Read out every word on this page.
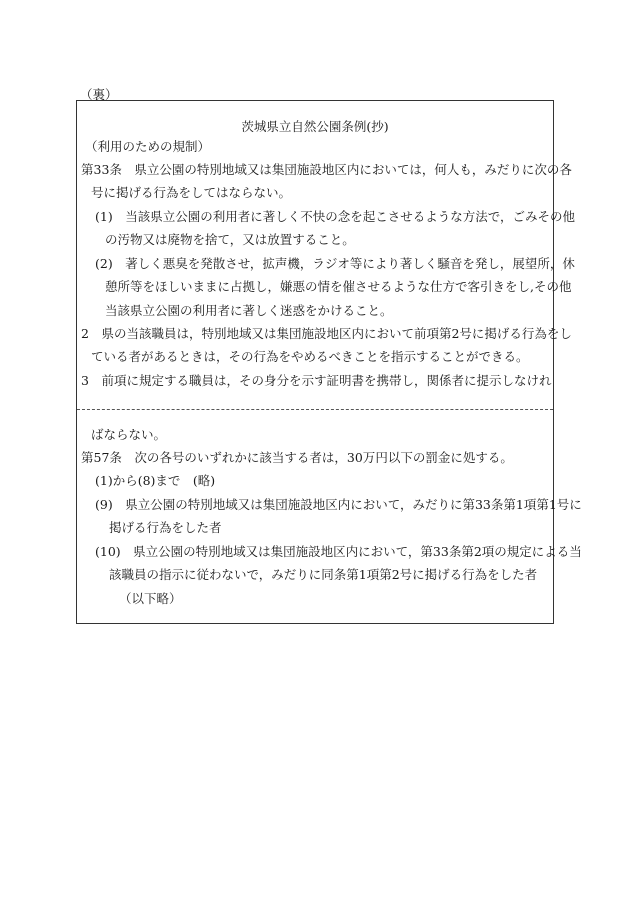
（裏）
茨城県立自然公園条例(抄)
（利用のための規制）
第33条　県立公園の特別地域又は集団施設地区内においては，何人も，みだりに次の各
号に掲げる行為をしてはならない。
(1)　当該県立公園の利用者に著しく不快の念を起こさせるような方法で，ごみその他
の汚物又は廃物を捨て，又は放置すること。
(2)　著しく悪臭を発散させ，拡声機，ラジオ等により著しく騒音を発し，展望所，休
憩所等をほしいままに占拠し，嫌悪の情を催させるような仕方で客引きをし,その他
当該県立公園の利用者に著しく迷惑をかけること。
2　県の当該職員は，特別地域又は集団施設地区内において前項第2号に掲げる行為をし
ている者があるときは，その行為をやめるべきことを指示することができる。
3　前項に規定する職員は，その身分を示す証明書を携帯し，関係者に提示しなけれ
ばならない。
第57条　次の各号のいずれかに該当する者は，30万円以下の罰金に処する。
(1)から(8)まで　(略)
(9)　県立公園の特別地域又は集団施設地区内において，みだりに第33条第1項第1号に
掲げる行為をした者
(10)　県立公園の特別地域又は集団施設地区内において，第33条第2項の規定による当
該職員の指示に従わないで，みだりに同条第1項第2号に掲げる行為をした者
（以下略）
